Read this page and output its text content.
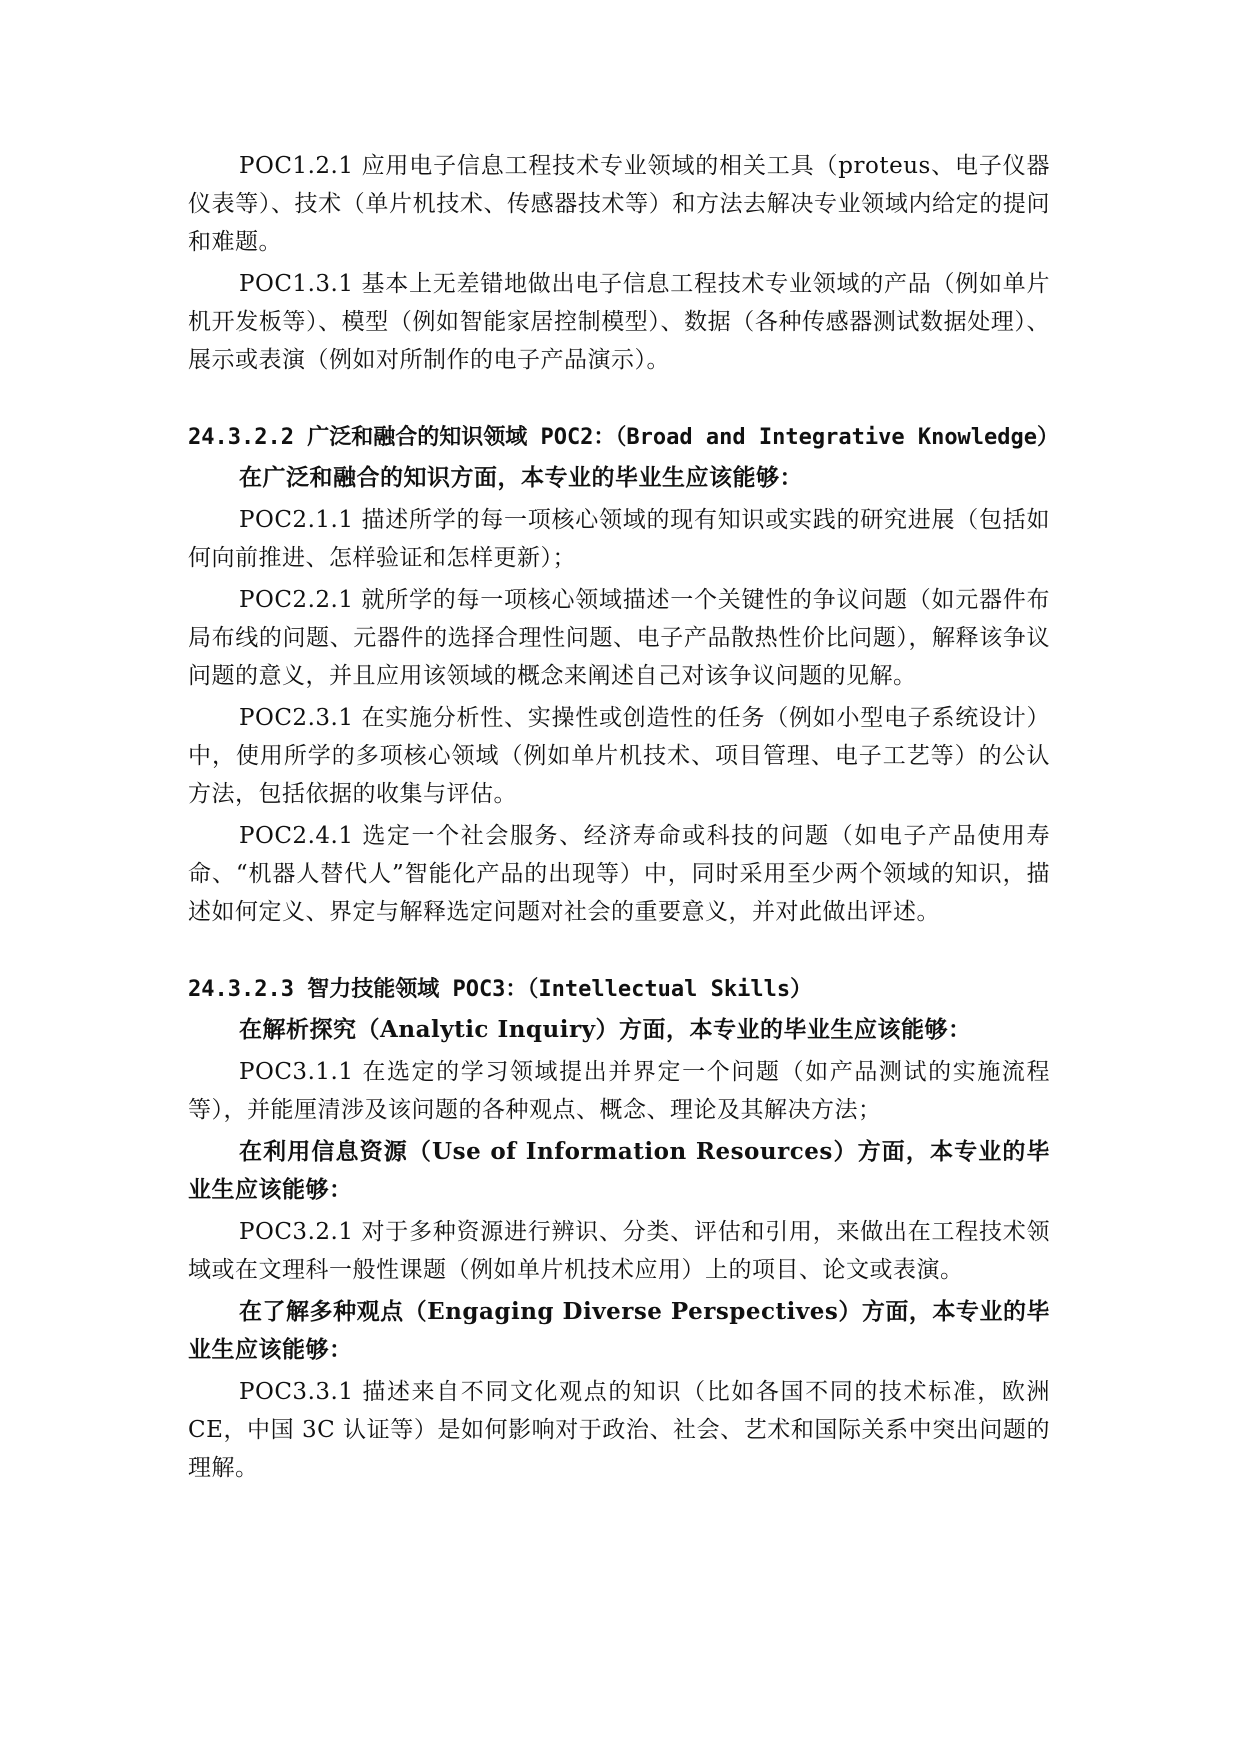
POC1.2.1 应用电子信息工程技术专业领域的相关工具（proteus、电子仪器仪表等）、技术（单片机技术、传感器技术等）和方法去解决专业领域内给定的提问和难题。

POC1.3.1 基本上无差错地做出电子信息工程技术专业领域的产品（例如单片机开发板等）、模型（例如智能家居控制模型）、数据（各种传感器测试数据处理）、展示或表演（例如对所制作的电子产品演示）。

24.3.2.2 广泛和融合的知识领域 POC2：（Broad and Integrative Knowledge）

在广泛和融合的知识方面，本专业的毕业生应该能够：

POC2.1.1 描述所学的每一项核心领域的现有知识或实践的研究进展（包括如何向前推进、怎样验证和怎样更新）；

POC2.2.1 就所学的每一项核心领域描述一个关键性的争议问题（如元器件布局布线的问题、元器件的选择合理性问题、电子产品散热性价比问题），解释该争议问题的意义，并且应用该领域的概念来阐述自己对该争议问题的见解。

POC2.3.1 在实施分析性、实操性或创造性的任务（例如小型电子系统设计）中，使用所学的多项核心领域（例如单片机技术、项目管理、电子工艺等）的公认方法，包括依据的收集与评估。

POC2.4.1 选定一个社会服务、经济寿命或科技的问题（如电子产品使用寿命、“机器人替代人”智能化产品的出现等）中，同时采用至少两个领域的知识，描述如何定义、界定与解释选定问题对社会的重要意义，并对此做出评述。

24.3.2.3 智力技能领域 POC3：（Intellectual Skills）

在解析探究（Analytic Inquiry）方面，本专业的毕业生应该能够：

POC3.1.1 在选定的学习领域提出并界定一个问题（如产品测试的实施流程等），并能厘清涉及该问题的各种观点、概念、理论及其解决方法；

在利用信息资源（Use of Information Resources）方面，本专业的毕业生应该能够：

POC3.2.1 对于多种资源进行辨识、分类、评估和引用，来做出在工程技术领域或在文理科一般性课题（例如单片机技术应用）上的项目、论文或表演。

在了解多种观点（Engaging Diverse Perspectives）方面，本专业的毕业生应该能够：

POC3.3.1 描述来自不同文化观点的知识（比如各国不同的技术标准，欧洲 CE，中国 3C 认证等）是如何影响对于政治、社会、艺术和国际关系中突出问题的理解。
